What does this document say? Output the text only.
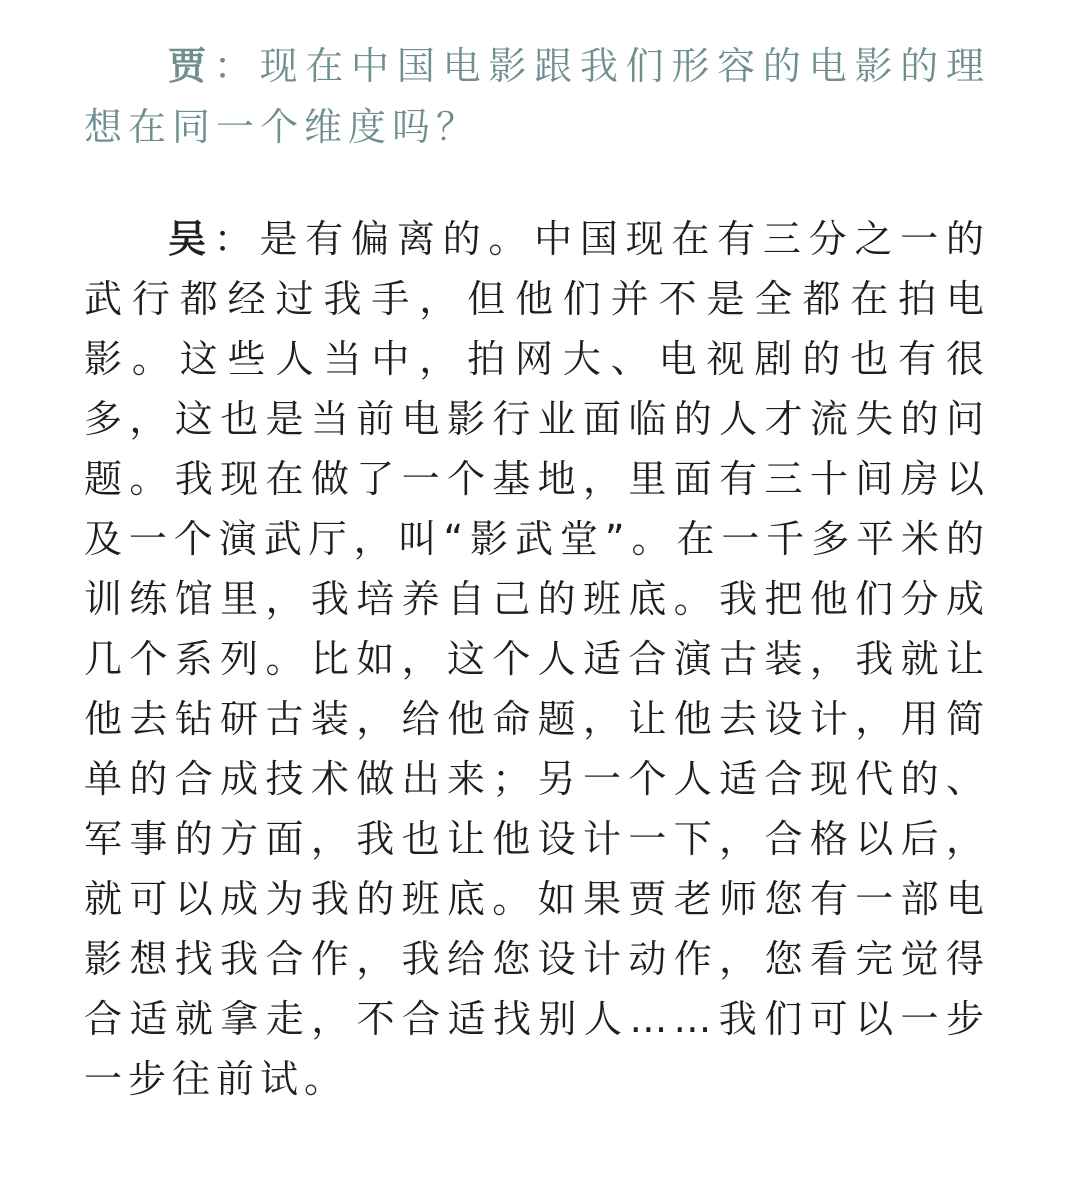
贾：现在中国电影跟我们形容的电影的理想在同一个维度吗？

吴：是有偏离的。中国现在有三分之一的武行都经过我手，但他们并不是全都在拍电影。这些人当中，拍网大、电视剧的也有很多，这也是当前电影行业面临的人才流失的问题。我现在做了一个基地，里面有三十间房以及一个演武厅，叫“影武堂”。在一千多平米的训练馆里，我培养自己的班底。我把他们分成几个系列。比如，这个人适合演古装，我就让他去钻研古装，给他命题，让他去设计，用简单的合成技术做出来；另一个人适合现代的、军事的方面，我也让他设计一下，合格以后，就可以成为我的班底。如果贾老师您有一部电影想找我合作，我给您设计动作，您看完觉得合适就拿走，不合适找别人……我们可以一步一步往前试。
